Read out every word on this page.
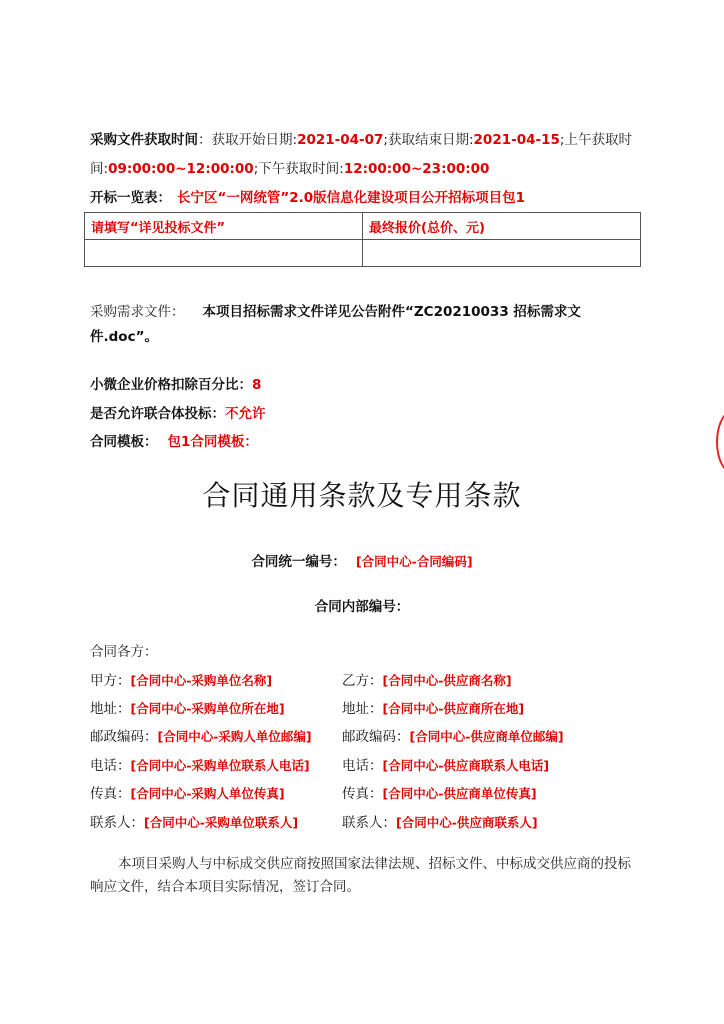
采购文件获取时间：获取开始日期:2021-04-07;获取结束日期:2021-04-15;上午获取时
间:09:00:00~12:00:00;下午获取时间:12:00:00~23:00:00
开标一览表： 长宁区“一网统管”2.0版信息化建设项目公开招标项目包1
请填写“详见投标文件”	最终报价(总价、元)

采购需求文件： 本项目招标需求文件详见公告附件“ZC20210033 招标需求文
件.doc”。
小微企业价格扣除百分比：8
是否允许联合体投标：不允许
合同模板： 包1合同模板：
合同通用条款及专用条款
合同统一编号： [合同中心-合同编码]
合同内部编号：
合同各方：
甲方：[合同中心-采购单位名称]	乙方：[合同中心-供应商名称]
地址：[合同中心-采购单位所在地]	地址：[合同中心-供应商所在地]
邮政编码：[合同中心-采购人单位邮编] 邮政编码：[合同中心-供应商单位邮编]
电话：[合同中心-采购单位联系人电话] 电话：[合同中心-供应商联系人电话]
传真：[合同中心-采购人单位传真]	传真：[合同中心-供应商单位传真]
联系人：[合同中心-采购单位联系人]	联系人：[合同中心-供应商联系人]
本项目采购人与中标成交供应商按照国家法律法规、招标文件、中标成交供应商的投标响应文件，结合本项目实际情况，签订合同。
